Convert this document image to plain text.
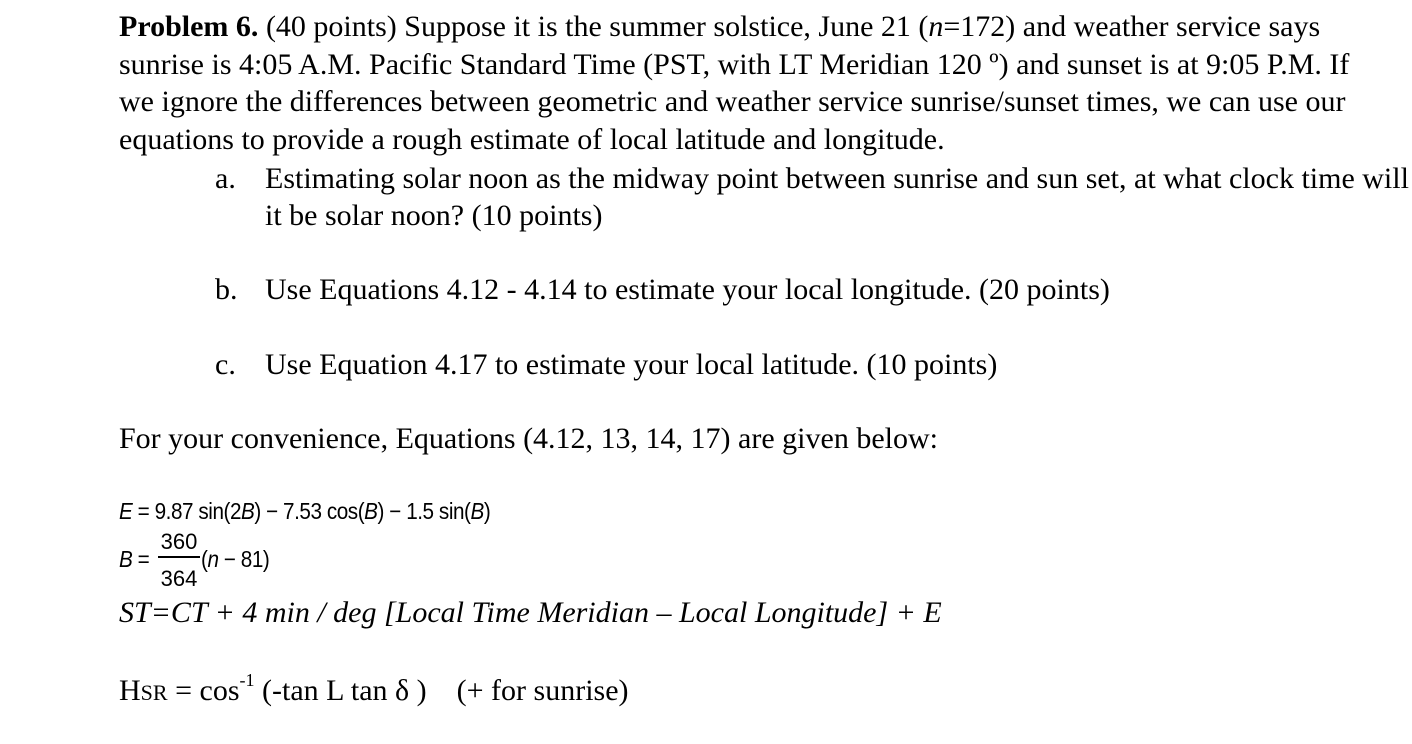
Problem 6. (40 points) Suppose it is the summer solstice, June 21 (n=172) and weather service says sunrise is 4:05 A.M. Pacific Standard Time (PST, with LT Meridian 120 º) and sunset is at 9:05 P.M. If we ignore the differences between geometric and weather service sunrise/sunset times, we can use our equations to provide a rough estimate of local latitude and longitude.
a. Estimating solar noon as the midway point between sunrise and sun set, at what clock time will it be solar noon? (10 points)
b. Use Equations 4.12 - 4.14 to estimate your local longitude. (20 points)
c. Use Equation 4.17 to estimate your local latitude. (10 points)
For your convenience, Equations (4.12, 13, 14, 17) are given below:
E = 9.87 sin(2B) − 7.53 cos(B) − 1.5 sin(B)
B =
360
364
(n − 81)
ST=CT + 4 min / deg [Local Time Meridian – Local Longitude] + E
HSR = $\cos^{-1} (-\tan$ L tan δ )    (+ for sunrise)
